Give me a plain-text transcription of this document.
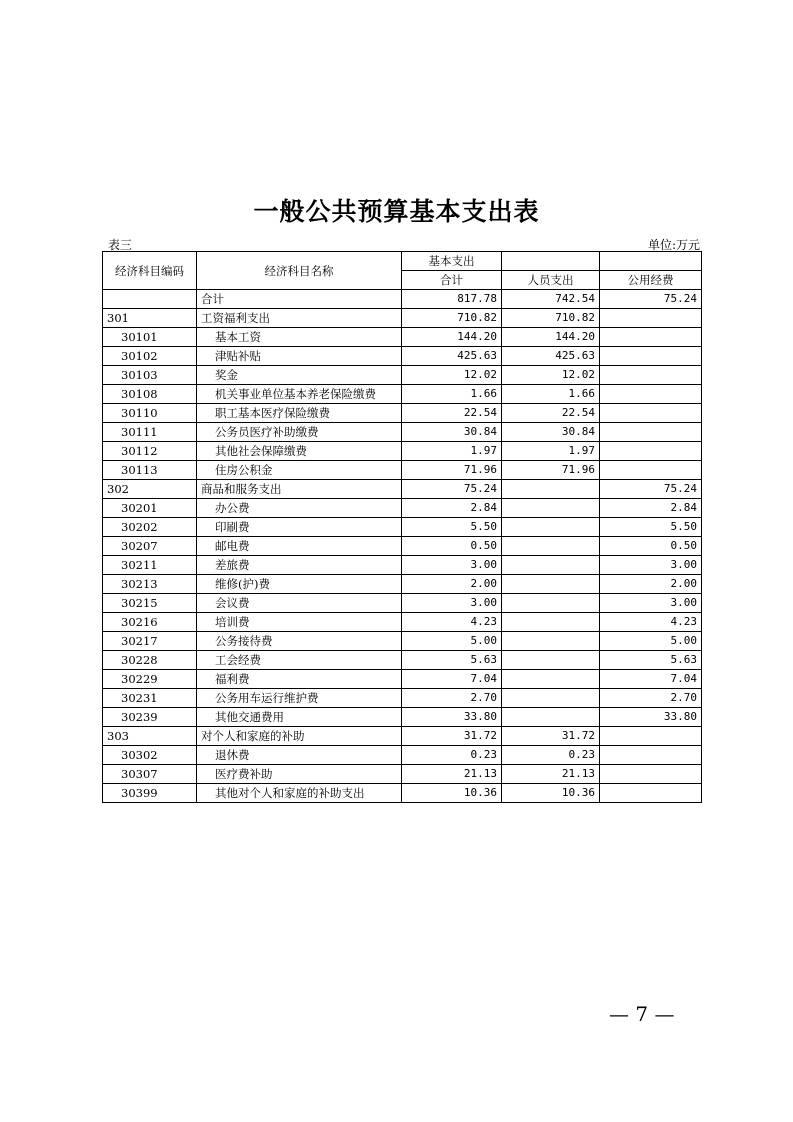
一般公共预算基本支出表
表三	单位:万元
经济科目编码	经济科目名称	基本支出		
		合计	人员支出	公用经费
	合计	817.78	742.54	75.24
301	工资福利支出	710.82	710.82	
30101	基本工资	144.20	144.20	
30102	津贴补贴	425.63	425.63	
30103	奖金	12.02	12.02	
30108	机关事业单位基本养老保险缴费	1.66	1.66	
30110	职工基本医疗保险缴费	22.54	22.54	
30111	公务员医疗补助缴费	30.84	30.84	
30112	其他社会保障缴费	1.97	1.97	
30113	住房公积金	71.96	71.96	
302	商品和服务支出	75.24		75.24
30201	办公费	2.84		2.84
30202	印刷费	5.50		5.50
30207	邮电费	0.50		0.50
30211	差旅费	3.00		3.00
30213	维修(护)费	2.00		2.00
30215	会议费	3.00		3.00
30216	培训费	4.23		4.23
30217	公务接待费	5.00		5.00
30228	工会经费	5.63		5.63
30229	福利费	7.04		7.04
30231	公务用车运行维护费	2.70		2.70
30239	其他交通费用	33.80		33.80
303	对个人和家庭的补助	31.72	31.72	
30302	退休费	0.23	0.23	
30307	医疗费补助	21.13	21.13	
30399	其他对个人和家庭的补助支出	10.36	10.36	
— 7 —
